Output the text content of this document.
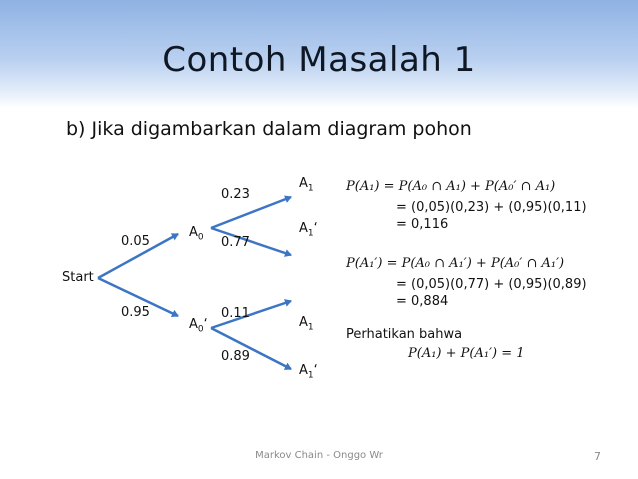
Contoh Masalah 1
b) Jika digambarkan dalam diagram pohon
Start
$A_0$
$A_0‘$
$A_1$
$A_1‘$
$A_1$
$A_1‘$
0.05
0.95
0.23
0.77
0.11
0.89
P(A₁) = P(A₀ ∩ A₁) + P(A₀′ ∩ A₁)
= (0,05)(0,23) + (0,95)(0,11)
= 0,116
P(A₁′) = P(A₀ ∩ A₁′) + P(A₀′ ∩ A₁′)
= (0,05)(0,77) + (0,95)(0,89)
= 0,884
Perhatikan bahwa
P(A₁) + P(A₁′) = 1
Markov Chain - Onggo Wr	7
